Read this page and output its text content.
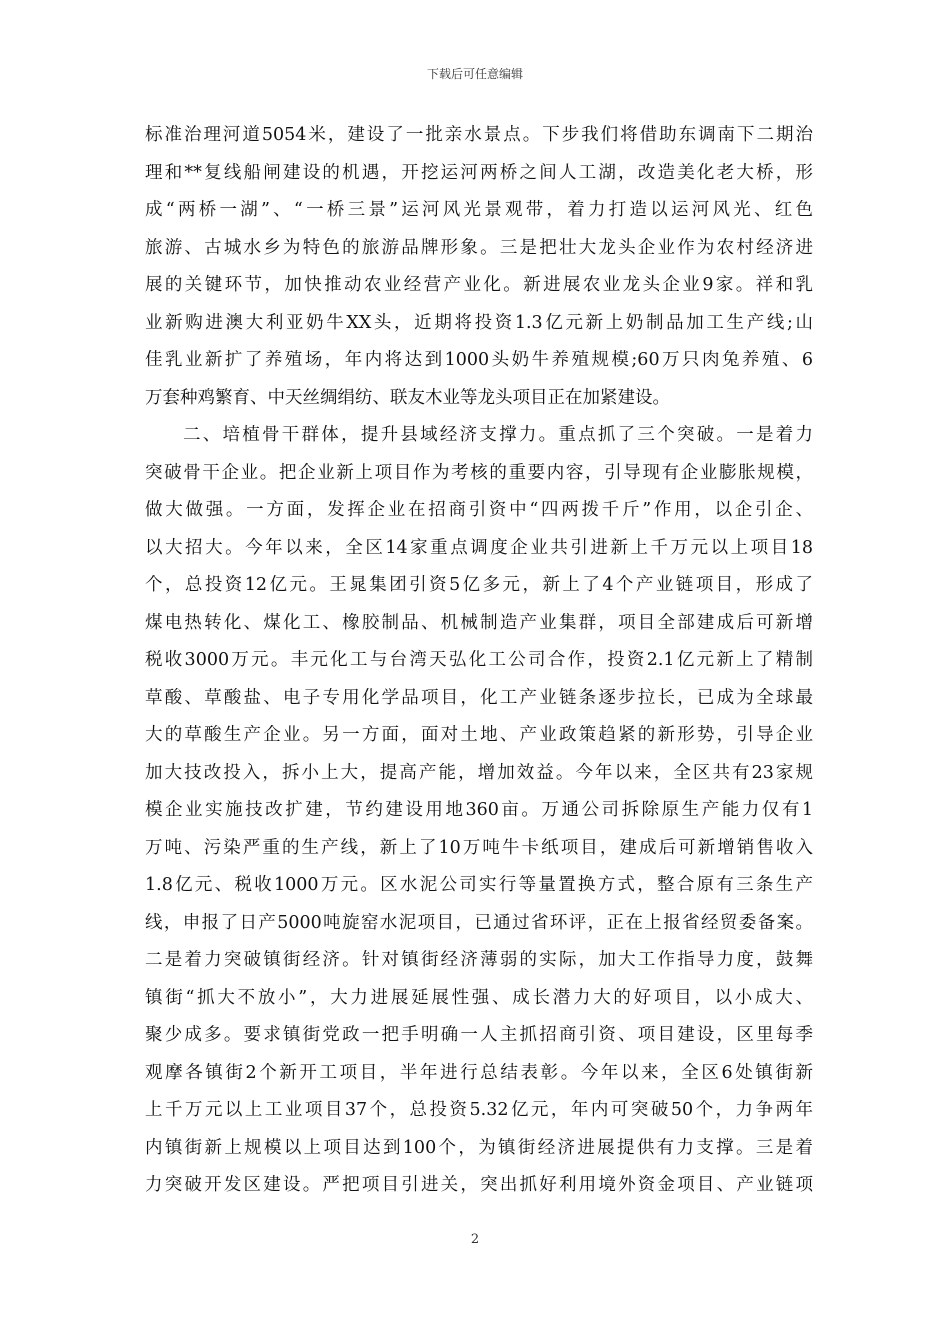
下载后可任意编辑
标准治理河道5054米，建设了一批亲水景点。下步我们将借助东调南下二期治
理和**复线船闸建设的机遇，开挖运河两桥之间人工湖，改造美化老大桥，形
成“两桥一湖”、“一桥三景”运河风光景观带，着力打造以运河风光、红色
旅游、古城水乡为特色的旅游品牌形象。三是把壮大龙头企业作为农村经济进
展的关键环节，加快推动农业经营产业化。新进展农业龙头企业9家。祥和乳
业新购进澳大利亚奶牛XX头，近期将投资1.3亿元新上奶制品加工生产线;山
佳乳业新扩了养殖场，年内将达到1000头奶牛养殖规模;60万只肉兔养殖、6
万套种鸡繁育、中天丝绸绢纺、联友木业等龙头项目正在加紧建设。
二、培植骨干群体，提升县域经济支撑力。重点抓了三个突破。一是着力
突破骨干企业。把企业新上项目作为考核的重要内容，引导现有企业膨胀规模，
做大做强。一方面，发挥企业在招商引资中“四两拨千斤”作用，以企引企、
以大招大。今年以来，全区14家重点调度企业共引进新上千万元以上项目18
个，总投资12亿元。王晁集团引资5亿多元，新上了4个产业链项目，形成了
煤电热转化、煤化工、橡胶制品、机械制造产业集群，项目全部建成后可新增
税收3000万元。丰元化工与台湾天弘化工公司合作，投资2.1亿元新上了精制
草酸、草酸盐、电子专用化学品项目，化工产业链条逐步拉长，已成为全球最
大的草酸生产企业。另一方面，面对土地、产业政策趋紧的新形势，引导企业
加大技改投入，拆小上大，提高产能，增加效益。今年以来，全区共有23家规
模企业实施技改扩建，节约建设用地360亩。万通公司拆除原生产能力仅有1
万吨、污染严重的生产线，新上了10万吨牛卡纸项目，建成后可新增销售收入
1.8亿元、税收1000万元。区水泥公司实行等量置换方式，整合原有三条生产
线，申报了日产5000吨旋窑水泥项目，已通过省环评，正在上报省经贸委备案。
二是着力突破镇街经济。针对镇街经济薄弱的实际，加大工作指导力度，鼓舞
镇街“抓大不放小”，大力进展延展性强、成长潜力大的好项目，以小成大、
聚少成多。要求镇街党政一把手明确一人主抓招商引资、项目建设，区里每季
观摩各镇街2个新开工项目，半年进行总结表彰。今年以来，全区6处镇街新
上千万元以上工业项目37个，总投资5.32亿元，年内可突破50个，力争两年
内镇街新上规模以上项目达到100个，为镇街经济进展提供有力支撑。三是着
力突破开发区建设。严把项目引进关，突出抓好利用境外资金项目、产业链项
2
